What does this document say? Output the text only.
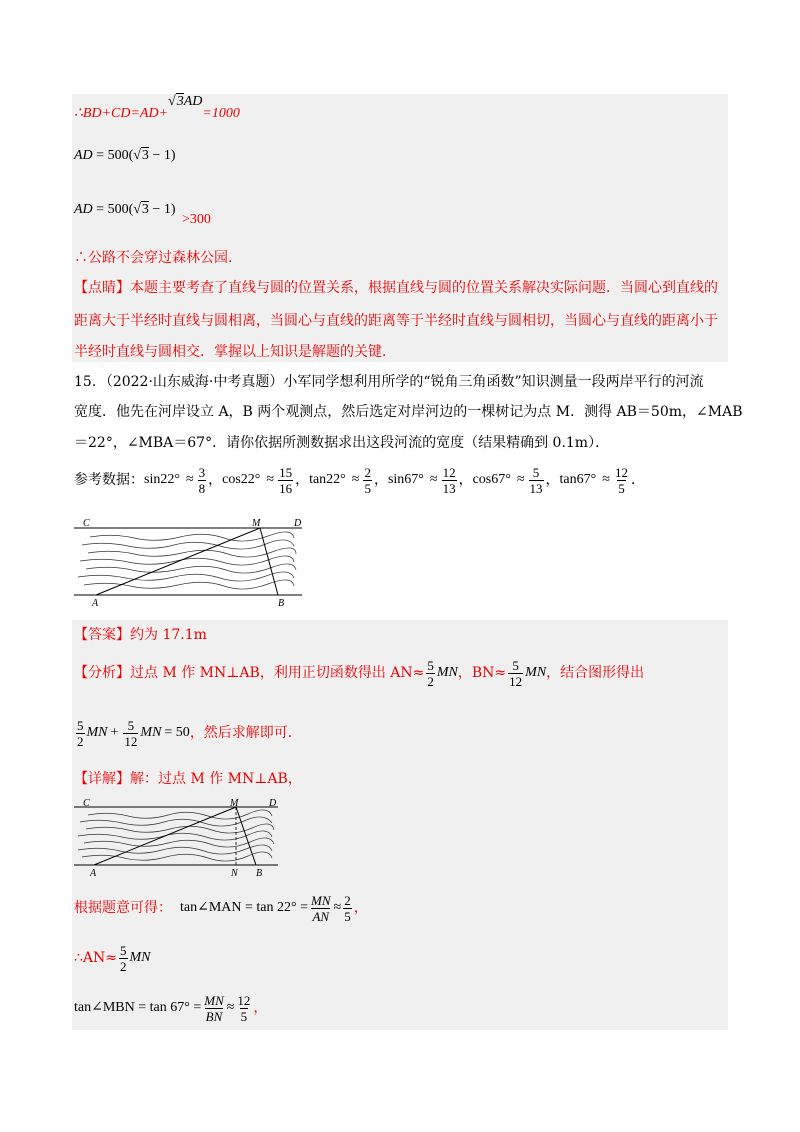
∴BD+CD=AD+√3AD=1000
AD = 500(√3 − 1)
AD = 500(√3 − 1)
>300
∴公路不会穿过森林公园.
【点睛】本题主要考查了直线与圆的位置关系，根据直线与圆的位置关系解决实际问题．当圆心到直线的
距离大于半经时直线与圆相离，当圆心与直线的距离等于半经时直线与圆相切，当圆心与直线的距离小于
半经时直线与圆相交．掌握以上知识是解题的关键．
15．（2022·山东威海·中考真题）小军同学想利用所学的“锐角三角函数”知识测量一段两岸平行的河流
宽度．他先在河岸设立 A，B 两个观测点，然后选定对岸河边的一棵树记为点 M．测得 AB＝50m，∠MAB
＝22°，∠MBA＝67°．请你依据所测数据求出这段河流的宽度（结果精确到 0.1m）．
参考数据： $\sin 22^\circ \approx \frac{3}{8}$ ， $\cos 22^\circ \approx \frac{15}{16}$ ， $\tan 22^\circ \approx \frac{2}{5}$ ， $\sin 67^\circ \approx \frac{12}{13}$ ， $\cos 67^\circ \approx \frac{5}{13}$ ， $\tan 67^\circ \approx \frac{12}{5}$ ．
C	M	D
A	B
【答案】约为 17.1m
【分析】 过点 M 作 MN⊥AB，利用正切函数得出 $AN\approx \frac{5}{2}$ MN ，$BN\approx \frac{5}{12}$ MN ，结合图形得出
$\frac{5}{2}$ MN + $\frac{5}{12}$ MN = 50 ，然后求解即可．
【详解】解：过点 M 作 MN⊥AB，
C	M	D
A	N B
根据题意可得： tan∠MAN = $\tan 22^\circ = \frac{MN}{AN} \approx \frac{2}{5}$ ，
∴AN≈ $\frac{5}{2}$ MN
tan∠MBN = $\tan 67^\circ = \frac{MN}{BN} \approx \frac{12}{5}$ ，
